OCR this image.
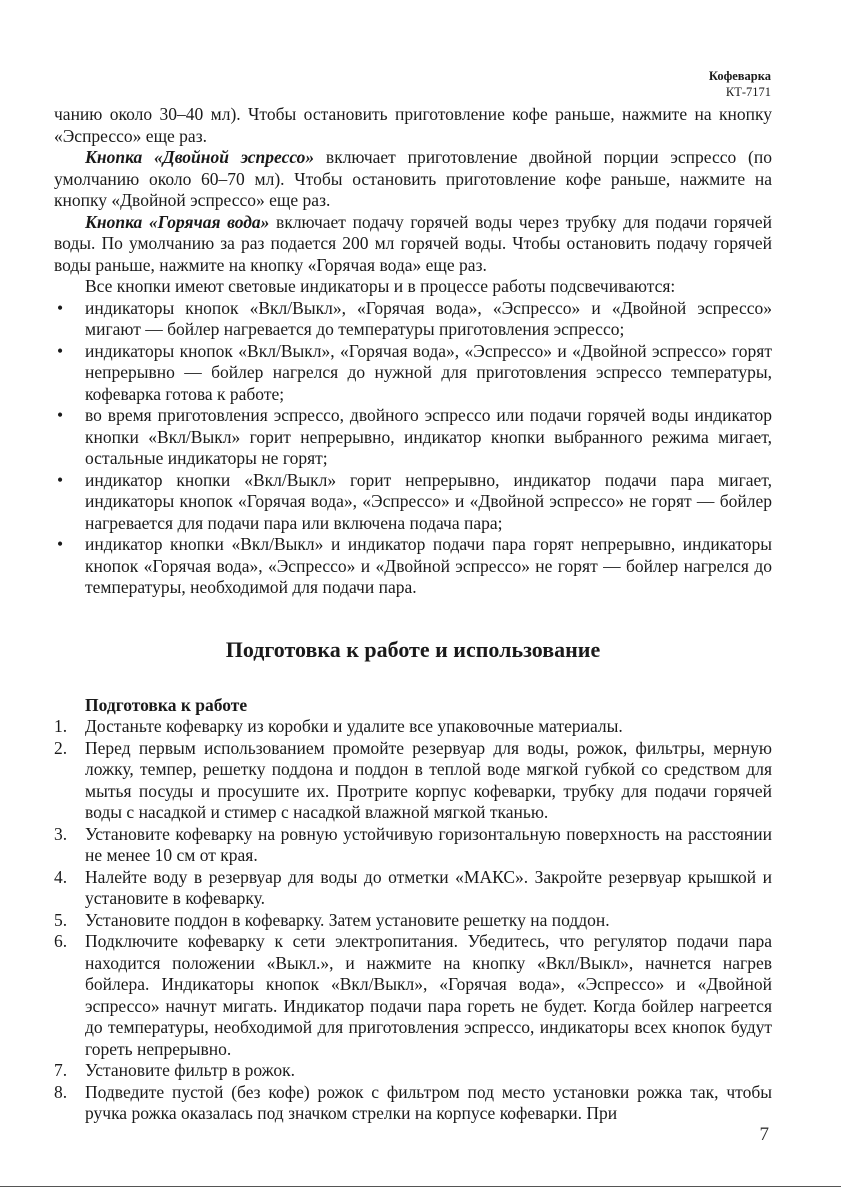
Кофеварка
КТ-7171

чанию около 30–40 мл). Чтобы остановить приготовление кофе раньше, нажмите на кнопку «Эспрессо» еще раз.

Кнопка «Двойной эспрессо» включает приготовление двойной порции эспрессо (по умолчанию около 60–70 мл). Чтобы остановить приготовление кофе раньше, нажмите на кнопку «Двойной эспрессо» еще раз.

Кнопка «Горячая вода» включает подачу горячей воды через трубку для подачи горячей воды. По умолчанию за раз подается 200 мл горячей воды. Чтобы остановить подачу горячей воды раньше, нажмите на кнопку «Горячая вода» еще раз.

Все кнопки имеют световые индикаторы и в процессе работы подсвечиваются:

• индикаторы кнопок «Вкл/Выкл», «Горячая вода», «Эспрессо» и «Двойной эспрессо» мигают — бойлер нагревается до температуры приготовления эспрессо;
• индикаторы кнопок «Вкл/Выкл», «Горячая вода», «Эспрессо» и «Двойной эспрессо» горят непрерывно — бойлер нагрелся до нужной для приготовления эспрессо температуры, кофеварка готова к работе;
• во время приготовления эспрессо, двойного эспрессо или подачи горячей воды индикатор кнопки «Вкл/Выкл» горит непрерывно, индикатор кнопки выбранного режима мигает, остальные индикаторы не горят;
• индикатор кнопки «Вкл/Выкл» горит непрерывно, индикатор подачи пара мигает, индикаторы кнопок «Горячая вода», «Эспрессо» и «Двойной эспрессо» не горят — бойлер нагревается для подачи пара или включена подача пара;
• индикатор кнопки «Вкл/Выкл» и индикатор подачи пара горят непрерывно, индикаторы кнопок «Горячая вода», «Эспрессо» и «Двойной эспрессо» не горят — бойлер нагрелся до температуры, необходимой для подачи пара.
Подготовка к работе и использование
Подготовка к работе
1. Достаньте кофеварку из коробки и удалите все упаковочные материалы.
2. Перед первым использованием промойте резервуар для воды, рожок, фильтры, мерную ложку, темпер, решетку поддона и поддон в теплой воде мягкой губкой со средством для мытья посуды и просушите их. Протрите корпус кофеварки, трубку для подачи горячей воды с насадкой и стимер с насадкой влажной мягкой тканью.
3. Установите кофеварку на ровную устойчивую горизонтальную поверхность на расстоянии не менее 10 см от края.
4. Налейте воду в резервуар для воды до отметки «МАКС». Закройте резервуар крышкой и установите в кофеварку.
5. Установите поддон в кофеварку. Затем установите решетку на поддон.
6. Подключите кофеварку к сети электропитания. Убедитесь, что регулятор подачи пара находится положении «Выкл.», и нажмите на кнопку «Вкл/Выкл», начнется нагрев бойлера. Индикаторы кнопок «Вкл/Выкл», «Горячая вода», «Эспрессо» и «Двойной эспрессо» начнут мигать. Индикатор подачи пара гореть не будет. Когда бойлер нагреется до температуры, необходимой для приготовления эспрессо, индикаторы всех кнопок будут гореть непрерывно.
7. Установите фильтр в рожок.
8. Подведите пустой (без кофе) рожок с фильтром под место установки рожка так, чтобы ручка рожка оказалась под значком стрелки на корпусе кофеварки. При
7
